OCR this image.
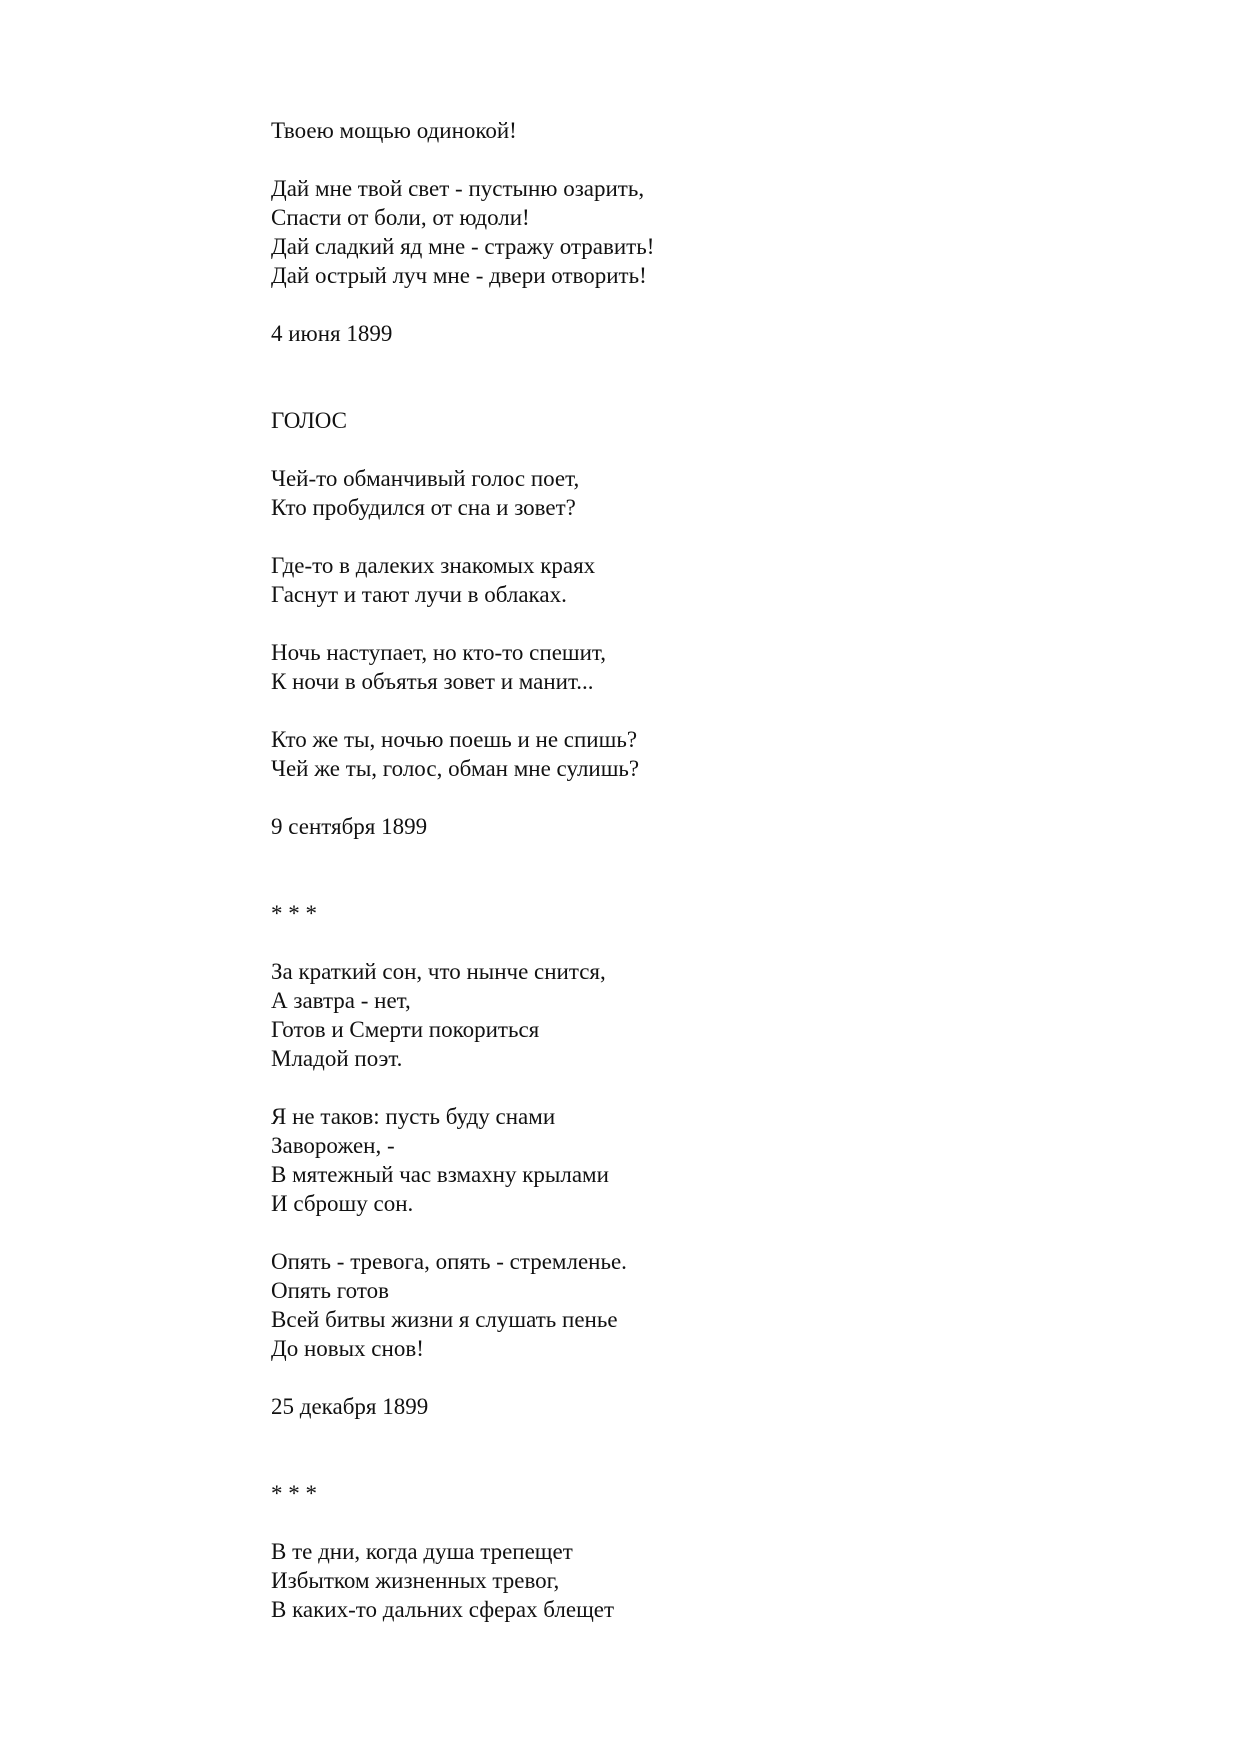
Твоею мощью одинокой!
Дай мне твой свет - пустыню озарить,
Спасти от боли, от юдоли!
Дай сладкий яд мне - стражу отравить!
Дай острый луч мне - двери отворить!
4 июня 1899
ГОЛОС
Чей-то обманчивый голос поет,
Кто пробудился от сна и зовет?
Где-то в далеких знакомых краях
Гаснут и тают лучи в облаках.
Ночь наступает, но кто-то спешит,
К ночи в объятья зовет и манит...
Кто же ты, ночью поешь и не спишь?
Чей же ты, голос, обман мне сулишь?
9 сентября 1899
* * *
За краткий сон, что нынче снится,
А завтра - нет,
Готов и Смерти покориться
Младой поэт.
Я не таков: пусть буду снами
Заворожен, -
В мятежный час взмахну крылами
И сброшу сон.
Опять - тревога, опять - стремленье.
Опять готов
Всей битвы жизни я слушать пенье
До новых снов!
25 декабря 1899
* * *
В те дни, когда душа трепещет
Избытком жизненных тревог,
В каких-то дальних сферах блещет
